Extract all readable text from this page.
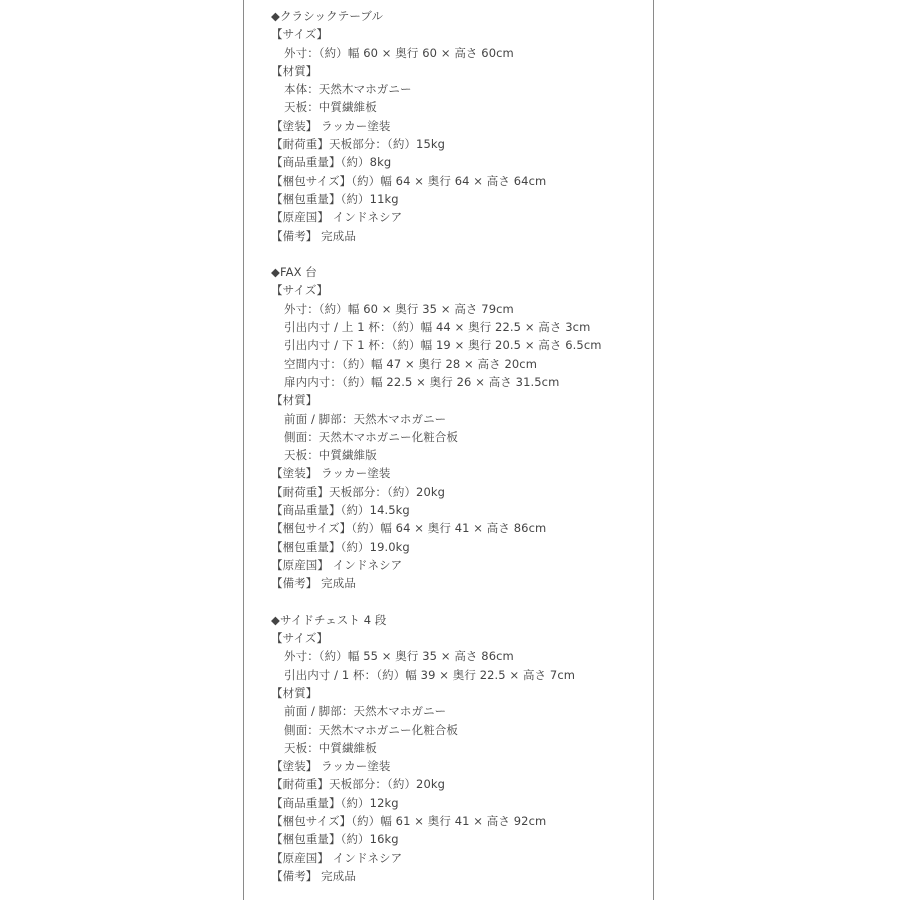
◆クラシックテーブル
【サイズ】
外寸：（約）幅 60 × 奥行 60 × 高さ 60cm
【材質】
本体：天然木マホガニー
天板：中質繊維板
【塗装】 ラッカー塗装
【耐荷重】天板部分：（約）15kg
【商品重量】（約）8kg
【梱包サイズ】（約）幅 64 × 奥行 64 × 高さ 64cm
【梱包重量】（約）11kg
【原産国】 インドネシア
【備考】 完成品
◆FAX 台
【サイズ】
外寸：（約）幅 60 × 奥行 35 × 高さ 79cm
引出内寸 / 上 1 杯：（約）幅 44 × 奥行 22.5 × 高さ 3cm
引出内寸 / 下 1 杯：（約）幅 19 × 奥行 20.5 × 高さ 6.5cm
空間内寸：（約）幅 47 × 奥行 28 × 高さ 20cm
扉内内寸：（約）幅 22.5 × 奥行 26 × 高さ 31.5cm
【材質】
前面 / 脚部：天然木マホガニー
側面：天然木マホガニー化粧合板
天板：中質繊維版
【塗装】 ラッカー塗装
【耐荷重】天板部分：（約）20kg
【商品重量】（約）14.5kg
【梱包サイズ】（約）幅 64 × 奥行 41 × 高さ 86cm
【梱包重量】（約）19.0kg
【原産国】 インドネシア
【備考】 完成品
◆サイドチェスト 4 段
【サイズ】
外寸：（約）幅 55 × 奥行 35 × 高さ 86cm
引出内寸 / 1 杯：（約）幅 39 × 奥行 22.5 × 高さ 7cm
【材質】
前面 / 脚部：天然木マホガニー
側面：天然木マホガニー化粧合板
天板：中質繊維板
【塗装】 ラッカー塗装
【耐荷重】天板部分：（約）20kg
【商品重量】（約）12kg
【梱包サイズ】（約）幅 61 × 奥行 41 × 高さ 92cm
【梱包重量】（約）16kg
【原産国】 インドネシア
【備考】 完成品
